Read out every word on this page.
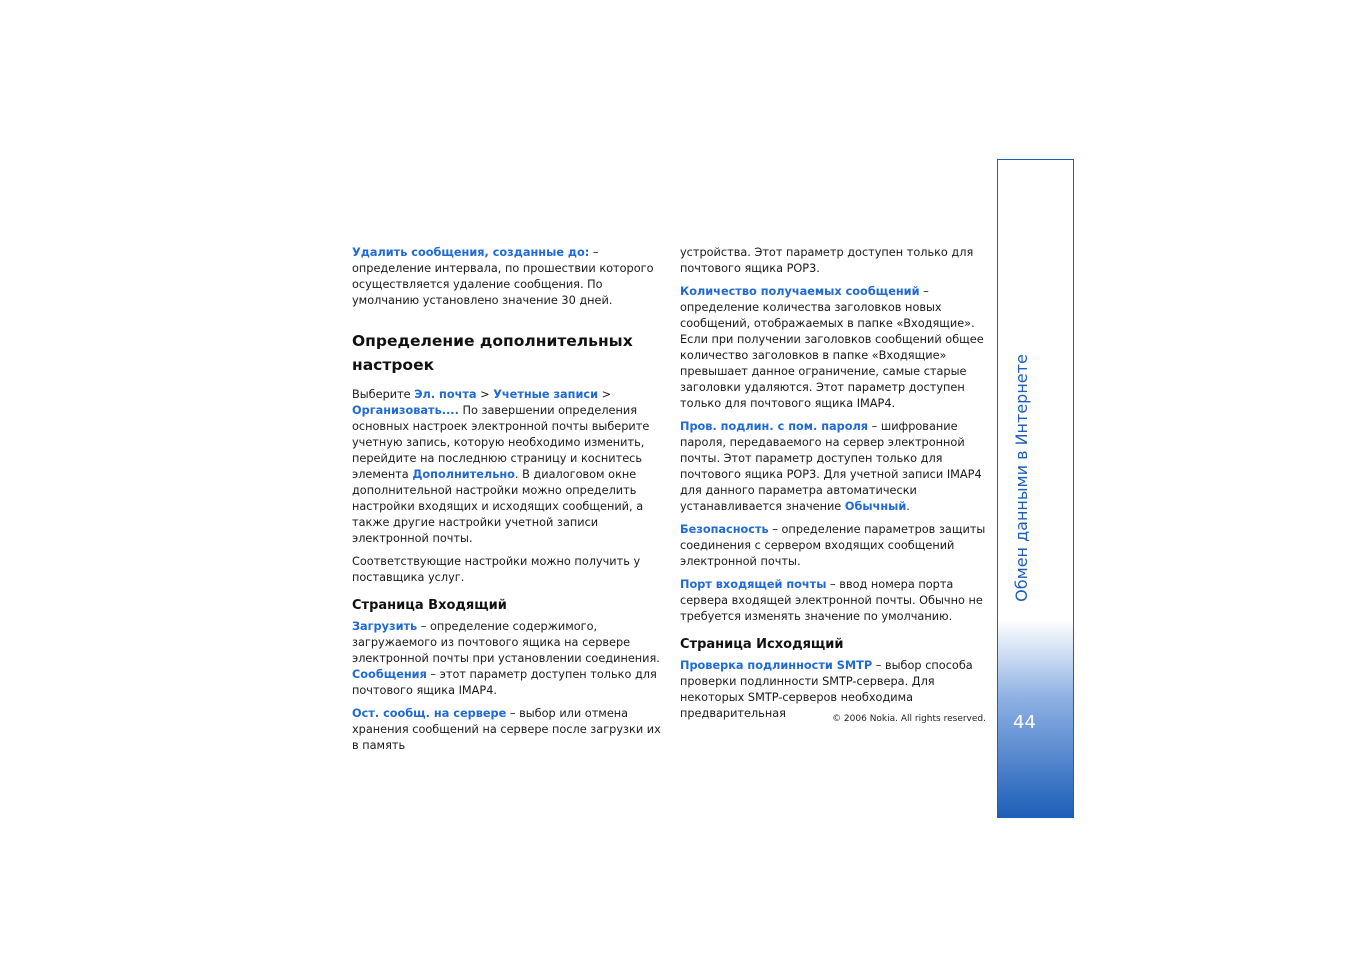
Удалить сообщения, созданные до: – определение интервала, по прошествии которого осуществляется удаление сообщения. По умолчанию установлено значение 30 дней.

Определение дополнительных настроек

Выберите Эл. почта > Учетные записи > Организовать.... По завершении определения основных настроек электронной почты выберите учетную запись, которую необходимо изменить, перейдите на последнюю страницу и коснитесь элемента Дополнительно. В диалоговом окне дополнительной настройки можно определить настройки входящих и исходящих сообщений, а также другие настройки учетной записи электронной почты.

Соответствующие настройки можно получить у поставщика услуг.

Страница Входящий

Загрузить – определение содержимого, загружаемого из почтового ящика на сервере электронной почты при установлении соединения. Сообщения – этот параметр доступен только для почтового ящика IMAP4.

Ост. сообщ. на сервере – выбор или отмена хранения сообщений на сервере после загрузки их в память

устройства. Этот параметр доступен только для почтового ящика POP3.

Количество получаемых сообщений – определение количества заголовков новых сообщений, отображаемых в папке «Входящие». Если при получении заголовков сообщений общее количество заголовков в папке «Входящие» превышает данное ограничение, самые старые заголовки удаляются. Этот параметр доступен только для почтового ящика IMAP4.

Пров. подлин. с пом. пароля – шифрование пароля, передаваемого на сервер электронной почты. Этот параметр доступен только для почтового ящика POP3. Для учетной записи IMAP4 для данного параметра автоматически устанавливается значение Обычный.

Безопасность – определение параметров защиты соединения с сервером входящих сообщений электронной почты.

Порт входящей почты – ввод номера порта сервера входящей электронной почты. Обычно не требуется изменять значение по умолчанию.

Страница Исходящий

Проверка подлинности SMTP – выбор способа проверки подлинности SMTP-сервера. Для некоторых SMTP-серверов необходима предварительная	© 2006 Nokia. All rights reserved.
Обмен данными в Интернете
44
